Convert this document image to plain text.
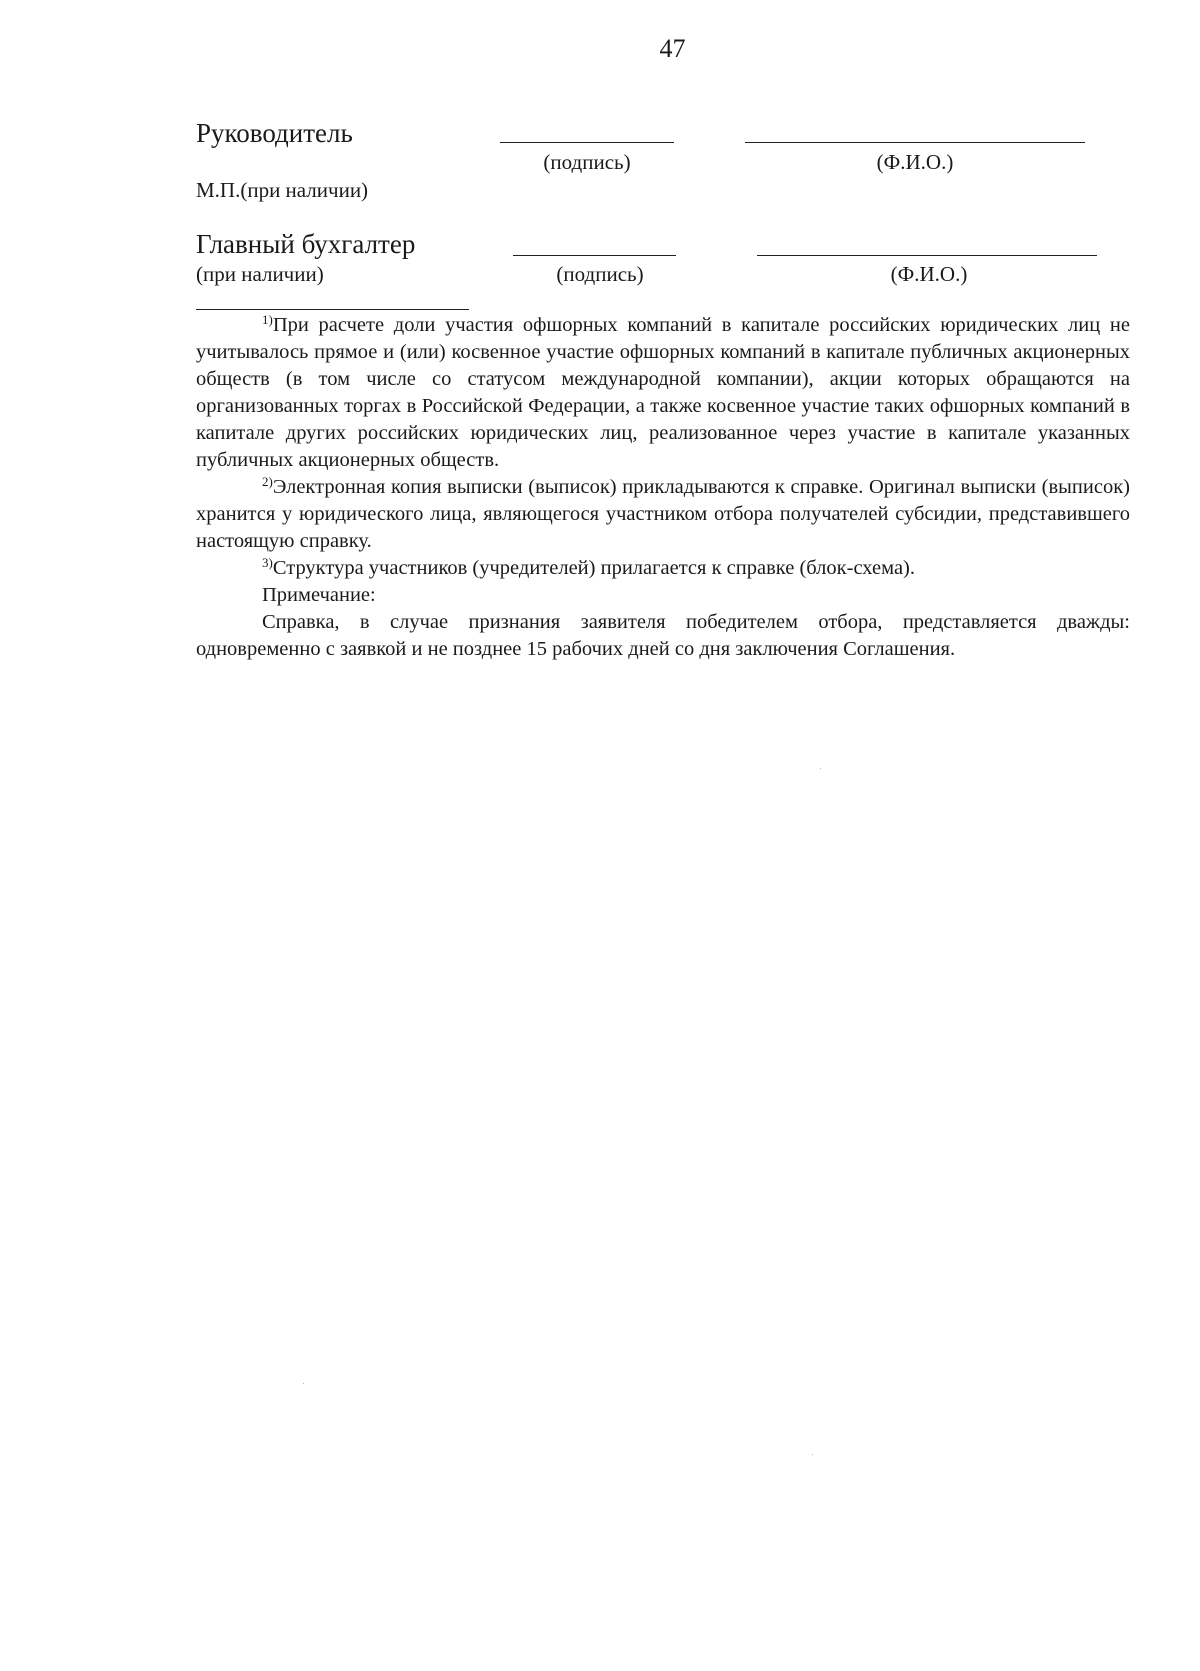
47
Руководитель
(подпись)	(Ф.И.О.)
М.П.(при наличии)
Главный бухгалтер
(при наличии)	(подпись)	(Ф.И.О.)

$^{1)}$При расчете доли участия офшорных компаний в капитале российских юридических лиц не учитывалось прямое и (или) косвенное участие офшорных компаний в капитале публичных акционерных обществ (в том числе со статусом международной компании), акции которых обращаются на организованных торгах в Российской Федерации, а также косвенное участие таких офшорных компаний в капитале других российских юридических лиц, реализованное через участие в капитале указанных публичных акционерных обществ.

$^{2)}$Электронная копия выписки (выписок) прикладываются к справке. Оригинал выписки (выписок) хранится у юридического лица, являющегося участником отбора получателей субсидии, представившего настоящую справку.

$^{3)}$Структура участников (учредителей) прилагается к справке (блок-схема).

Примечание:

Справка, в случае признания заявителя победителем отбора, представляется дважды: одновременно с заявкой и не позднее 15 рабочих дней со дня заключения Соглашения.
